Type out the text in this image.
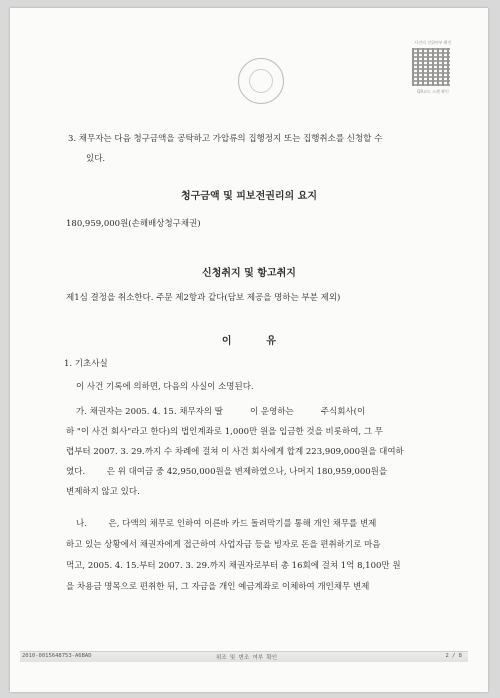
사건의 진위여부 확인
QR코드 스캔 확인
3. 채무자는 다음 청구금액을 공탁하고 가압류의 집행정지 또는 집행취소를 신청할 수
있다.
청구금액 및 피보전권리의 요지
180,959,000원(손해배상청구채권)
신청취지 및 항고취지
제1심 결정을 취소한다. 주문 제2항과 같다(담보 제공을 명하는 부분 제외)
이          유
1. 기초사실
이 사건 기록에 의하면, 다음의 사실이 소명된다.
가. 채권자는 2005. 4. 15. 채무자의 딸          이 운영하는          주식회사(이
하 "이 사건 회사"라고 한다)의 법인계좌로 1,000만 원을 입금한 것을 비롯하여, 그 무
렵부터 2007. 3. 29.까지 수 차례에 걸쳐 이 사건 회사에게 합계 223,909,000원을 대여하
였다.        은 위 대여금 중 42,950,000원을 변제하였으나, 나머지 180,959,000원을
변제하지 않고 있다.
나.        은, 다액의 채무로 인하여 이른바 카드 돌려막기를 통해 개인 채무를 변제
하고 있는 상황에서 채권자에게 접근하여 사업자금 등을 빙자로 돈을 편취하기로 마음
먹고, 2005. 4. 15.부터 2007. 3. 29.까지 채권자로부터 총 16회에 걸쳐 1억 8,100만 원
을 차용금 명목으로 편취한 뒤, 그 자금을 개인 예금계좌로 이체하여 개인채무 변제
2010-0015648753-A6BAD	위조 및 변조 여부 확인	2 / 8
